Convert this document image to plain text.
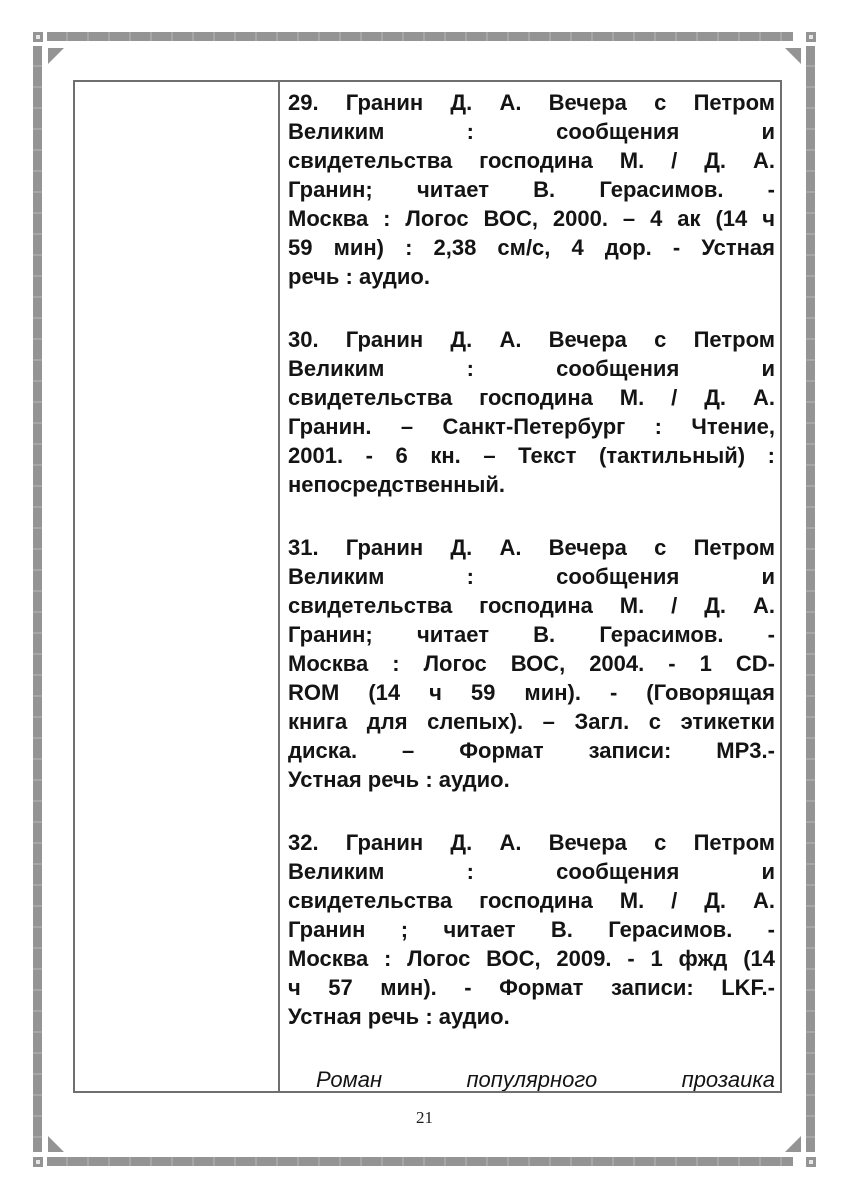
29. Гранин Д. А. Вечера с Петром
Великим : сообщения и
свидетельства господина М. / Д. А.
Гранин; читает В. Герасимов. -
Москва : Логос ВОС, 2000. – 4 ак (14 ч
59 мин) : 2,38 см/с, 4 дор. - Устная
речь : аудио.
30. Гранин Д. А. Вечера с Петром
Великим : сообщения и
свидетельства господина М. / Д. А.
Гранин. – Санкт-Петербург : Чтение,
2001. - 6 кн. – Текст (тактильный) :
непосредственный.
31. Гранин Д. А. Вечера с Петром
Великим : сообщения и
свидетельства господина М. / Д. А.
Гранин; читает В. Герасимов. -
Москва : Логос ВОС, 2004. - 1 CD-
ROM (14 ч 59 мин). - (Говорящая
книга для слепых). – Загл. с этикетки
диска. – Формат записи: MP3.-
Устная речь : аудио.
32. Гранин Д. А. Вечера с Петром
Великим : сообщения и
свидетельства господина М. / Д. А.
Гранин ; читает В. Герасимов. -
Москва : Логос ВОС, 2009. - 1 фжд (14
ч 57 мин). - Формат записи: LKF.-
Устная речь : аудио.
Роман популярного прозаика
21
